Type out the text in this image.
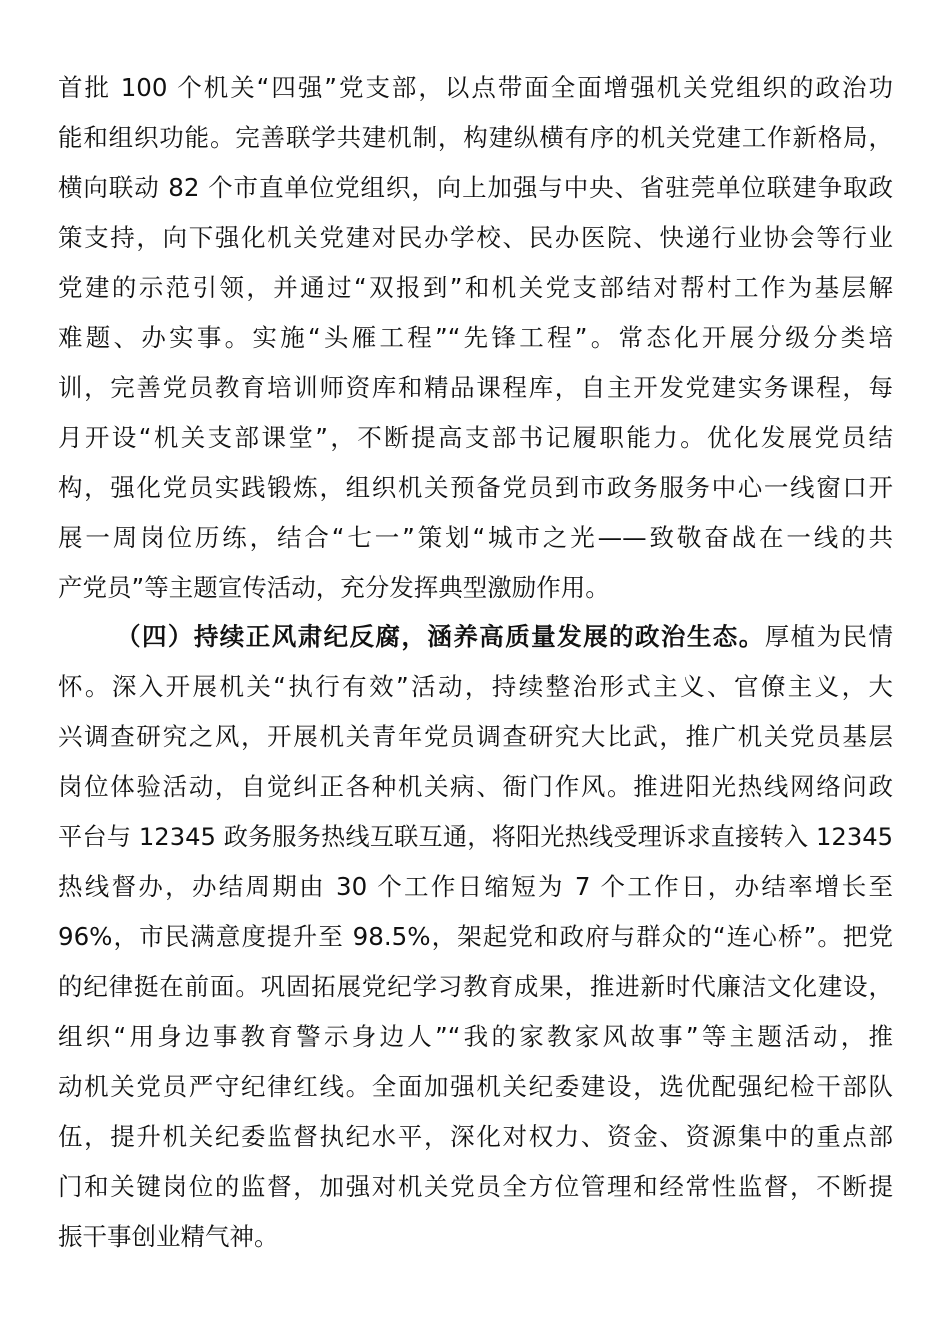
首批 100 个机关“四强”党支部，以点带面全面增强机关党组织的政治功
能和组织功能。完善联学共建机制，构建纵横有序的机关党建工作新格局，
横向联动 82 个市直单位党组织，向上加强与中央、省驻莞单位联建争取政
策支持，向下强化机关党建对民办学校、民办医院、快递行业协会等行业
党建的示范引领，并通过“双报到”和机关党支部结对帮村工作为基层解
难题、办实事。实施“头雁工程”“先锋工程”。常态化开展分级分类培
训，完善党员教育培训师资库和精品课程库，自主开发党建实务课程，每
月开设“机关支部课堂”，不断提高支部书记履职能力。优化发展党员结
构，强化党员实践锻炼，组织机关预备党员到市政务服务中心一线窗口开
展一周岗位历练，结合“七一”策划“城市之光——致敬奋战在一线的共
产党员”等主题宣传活动，充分发挥典型激励作用。
（四）持续正风肃纪反腐，涵养高质量发展的政治生态。厚植为民情
怀。深入开展机关“执行有效”活动，持续整治形式主义、官僚主义，大
兴调查研究之风，开展机关青年党员调查研究大比武，推广机关党员基层
岗位体验活动，自觉纠正各种机关病、衙门作风。推进阳光热线网络问政
平台与 12345 政务服务热线互联互通，将阳光热线受理诉求直接转入 12345
热线督办，办结周期由 30 个工作日缩短为 7 个工作日，办结率增长至
96%，市民满意度提升至 98.5%，架起党和政府与群众的“连心桥”。把党
的纪律挺在前面。巩固拓展党纪学习教育成果，推进新时代廉洁文化建设，
组织“用身边事教育警示身边人”“我的家教家风故事”等主题活动，推
动机关党员严守纪律红线。全面加强机关纪委建设，选优配强纪检干部队
伍，提升机关纪委监督执纪水平，深化对权力、资金、资源集中的重点部
门和关键岗位的监督，加强对机关党员全方位管理和经常性监督，不断提
振干事创业精气神。
